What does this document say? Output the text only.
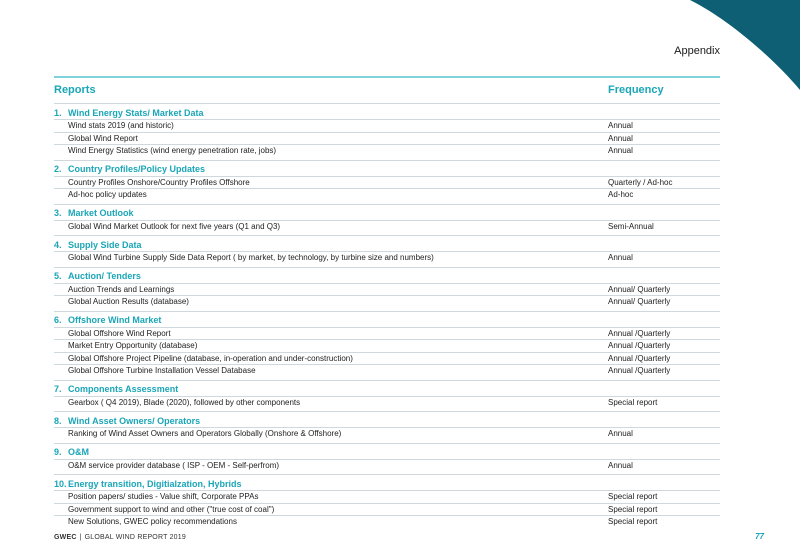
Appendix
Reports	Frequency
1. Wind Energy Stats/ Market Data
Wind stats 2019 (and historic)	Annual
Global Wind Report	Annual
Wind Energy Statistics (wind energy penetration rate, jobs)	Annual
2. Country Profiles/Policy Updates
Country Profiles Onshore/Country Profiles Offshore	Quarterly / Ad-hoc
Ad-hoc policy updates	Ad-hoc
3. Market Outlook
Global Wind Market Outlook for next five years (Q1 and Q3)	Semi-Annual
4. Supply Side Data
Global Wind Turbine Supply Side Data Report ( by market, by technology, by turbine size and numbers)	Annual
5. Auction/ Tenders
Auction Trends and Learnings	Annual/ Quarterly
Global Auction Results (database)	Annual/ Quarterly
6. Offshore Wind Market
Global Offshore Wind Report	Annual /Quarterly
Market Entry Opportunity (database)	Annual /Quarterly
Global Offshore Project Pipeline (database, in-operation and under-construction)	Annual /Quarterly
Global Offshore Turbine Installation Vessel Database	Annual /Quarterly
7. Components Assessment
Gearbox ( Q4 2019), Blade (2020), followed by other components	Special report
8. Wind Asset Owners/ Operators
Ranking of Wind Asset Owners and Operators Globally (Onshore & Offshore)	Annual
9. O&M
O&M service provider database ( ISP - OEM - Self-perfrom)	Annual
10. Energy transition, Digitialzation, Hybrids
Position papers/ studies - Value shift, Corporate PPAs	Special report
Government support to wind and other ("true cost of coal")	Special report
New Solutions, GWEC policy recommendations	Special report
GWEC | GLOBAL WIND REPORT 2019	77
